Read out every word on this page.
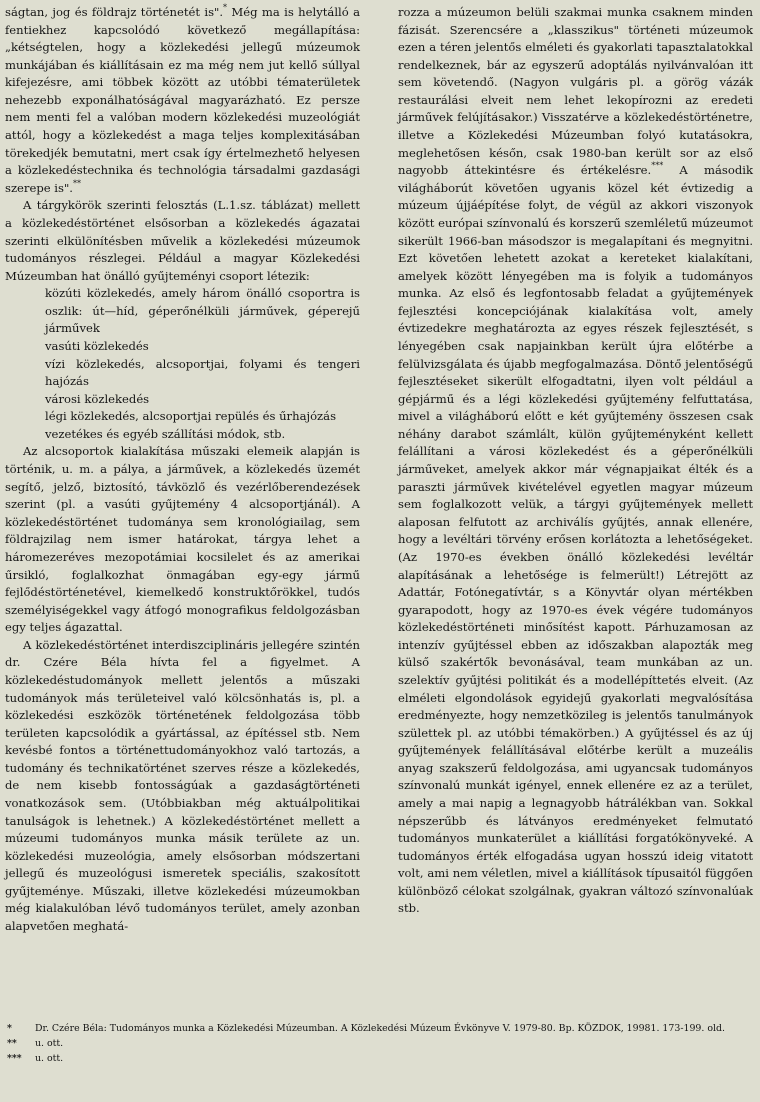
ságtan, jog és földrajz történetét is".* Még ma is helytálló a fentiekhez kapcsolódó következő megállapítása: „kétségtelen, hogy a közlekedési jellegű múzeumok munkájában és kiállításain ez ma még nem jut kellő súllyal kifejezésre, ami többek között az utóbbi tématerületek nehezebb exponálhatóságával magyarázható. Ez persze nem menti fel a valóban modern közlekedési muzeológiát attól, hogy a közlekedést a maga teljes komplexitásában törekedjék bemutatni, mert csak így értelmezhető helyesen a közlekedéstechnika és technológia társadalmi gazdasági szerepe is".**

A tárgykörök szerinti felosztás (L.1.sz. táblázat) mellett a közlekedéstörténet elsősorban a közlekedés ágazatai szerinti elkülönítésben művelik a közlekedési múzeumok tudományos részlegei. Például a magyar Közlekedési Múzeumban hat önálló gyűjteményi csoport létezik:

közúti közlekedés, amely három önálló csoportra is oszlik: út—híd, géperőnélküli járművek, géperejű járművek
vasúti közlekedés
vízi közlekedés, alcsoportjai, folyami és tengeri hajózás
városi közlekedés
légi közlekedés, alcsoportjai repülés és űrhajózás
vezetékes és egyéb szállítási módok, stb.

Az alcsoportok kialakítása műszaki elemeik alapján is történik, u. m. a pálya, a járművek, a közlekedés üzemét segítő, jelző, biztosító, távközlő és vezérlőberendezések szerint (pl. a vasúti gyűjtemény 4 alcsoportjánál). A közlekedéstörténet tudománya sem kronológiailag, sem földrajzilag nem ismer határokat, tárgya lehet a háromezeréves mezopotámiai kocsilelet és az amerikai űrsikló, foglalkozhat önmagában egy-egy jármű fejlődéstörténetével, kiemelkedő konstruktőrökkel, tudós személyiségekkel vagy átfogó monografikus feldolgozásban egy teljes ágazattal.

A közlekedéstörténet interdiszciplináris jellegére szintén dr. Czére Béla hívta fel a figyelmet. A közlekedéstudományok mellett jelentős a műszaki tudományok más területeivel való kölcsönhatás is, pl. a közlekedési eszközök történetének feldolgozása több területen kapcsolódik a gyártással, az építéssel stb. Nem kevésbé fontos a történettudományokhoz való tartozás, a tudomány és technikatörténet szerves része a közlekedés, de nem kisebb fontosságúak a gazdaságtörténeti vonatkozások sem. (Utóbbiakban még aktuálpolitikai tanulságok is lehetnek.) A közlekedéstörténet mellett a múzeumi tudományos munka másik területe az un. közlekedési muzeológia, amely elsősorban módszertani jellegű és muzeológusi ismeretek speciális, szakosított gyűjteménye. Műszaki, illetve közlekedési múzeumokban még kialakulóban lévő tudományos terület, amely azonban alapvetően meghatá-

rozza a múzeumon belüli szakmai munka csaknem minden fázisát. Szerencsére a „klasszikus" történeti múzeumok ezen a téren jelentős elméleti és gyakorlati tapasztalatokkal rendelkeznek, bár az egyszerű adoptálás nyilvánvalóan itt sem követendő. (Nagyon vulgáris pl. a görög vázák restaurálási elveit nem lehet lekopírozni az eredeti járművek felújításakor.) Visszatérve a közlekedéstörténetre, illetve a Közlekedési Múzeumban folyó kutatásokra, meglehetősen későn, csak 1980-ban került sor az első nagyobb áttekintésre és értékelésre.*** A második világháborút követően ugyanis közel két évtizedig a múzeum újjáépítése folyt, de végül az akkori viszonyok között európai színvonalú és korszerű szemléletű múzeumot sikerült 1966-ban másodszor is megalapítani és megnyitni. Ezt követően lehetett azokat a kereteket kialakítani, amelyek között lényegében ma is folyik a tudományos munka. Az első és legfontosabb feladat a gyűjtemények fejlesztési koncepciójának kialakítása volt, amely évtizedekre meghatározta az egyes részek fejlesztését, s lényegében csak napjainkban került újra előtérbe a felülvizsgálata és újabb megfogalmazása. Döntő jelentőségű fejlesztéseket sikerült elfogadtatni, ilyen volt például a gépjármű és a légi közlekedési gyűjtemény felfuttatása, mivel a világháború előtt e két gyűjtemény összesen csak néhány darabot számlált, külön gyűjteményként kellett felállítani a városi közlekedést és a géperőnélküli járműveket, amelyek akkor már végnapjaikat élték és a paraszti járművek kivételével egyetlen magyar múzeum sem foglalkozott velük, a tárgyi gyűjtemények mellett alaposan felfutott az archiválís gyűjtés, annak ellenére, hogy a levéltári törvény erősen korlátozta a lehetőségeket. (Az 1970-es években önálló közlekedési levéltár alapításának a lehetősége is felmerült!) Létrejött az Adattár, Fotónegatívtár, s a Könyvtár olyan mértékben gyarapodott, hogy az 1970-es évek végére tudományos közlekedéstörténeti minősítést kapott. Párhuzamosan az intenzív gyűjtéssel ebben az időszakban alapozták meg külső szakértők bevonásával, team munkában az un. szelektív gyűjtési politikát és a modellépíttetés elveit. (Az elméleti elgondolások egyidejű gyakorlati megvalósítása eredményezte, hogy nemzetközileg is jelentős tanulmányok születtek pl. az utóbbi témakörben.) A gyűjtéssel és az új gyűjtemények felállításával előtérbe került a muzeális anyag szakszerű feldolgozása, ami ugyancsak tudományos színvonalú munkát igényel, ennek ellenére ez az a terület, amely a mai napig a legnagyobb hátrálékban van. Sokkal népszerűbb és látványos eredményeket felmutató tudományos munkaterület a kiállítási forgatókönyveké. A tudományos érték elfogadása ugyan hosszú ideig vitatott volt, ami nem véletlen, mivel a kiállítások típusaitól függően különböző célokat szolgálnak, gyakran változó színvonalúak stb.

*	Dr. Czére Béla: Tudományos munka a Közlekedési Múzeumban. A Közlekedési Múzeum Évkönyve V. 1979-80. Bp. KÖZDOK, 19981. 173-199. old.
**	u. ott.
***	u. ott.
